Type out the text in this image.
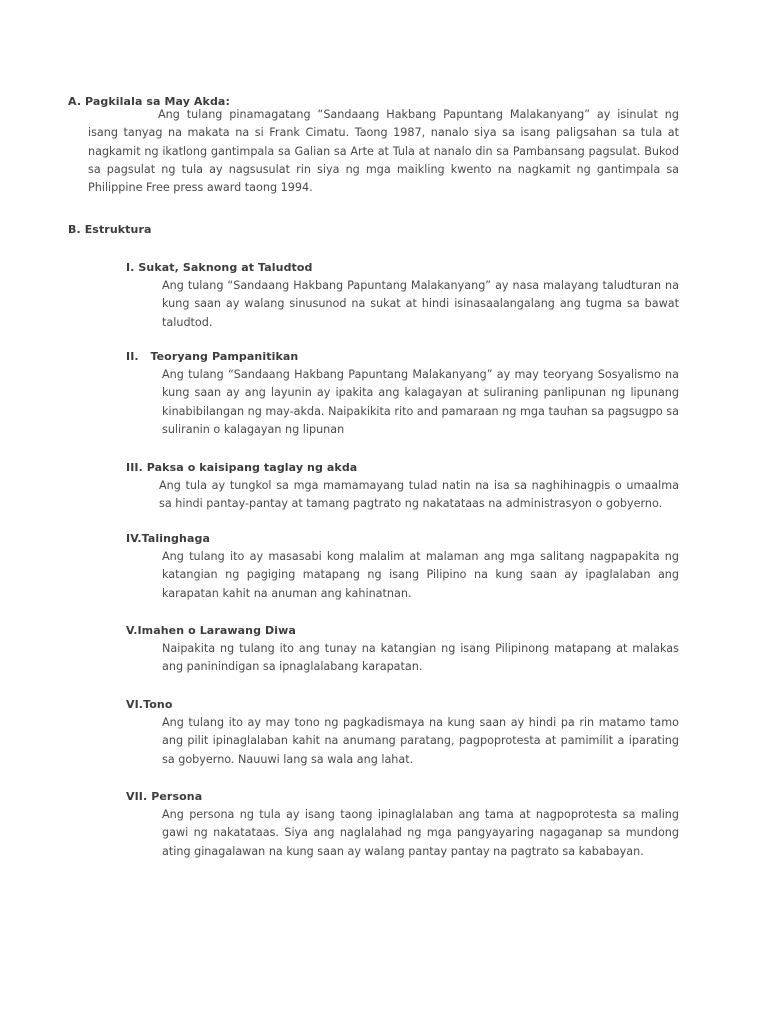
A. Pagkilala sa May Akda:
Ang tulang pinamagatang “Sandaang Hakbang Papuntang Malakanyang” ay isinulat ng isang tanyag na makata na si Frank Cimatu. Taong 1987, nanalo siya sa isang paligsahan sa tula at nagkamit ng ikatlong gantimpala sa Galian sa Arte at Tula at nanalo din sa Pambansang pagsulat. Bukod sa pagsulat ng tula ay nagsusulat rin siya ng mga maikling kwento na nagkamit ng gantimpala sa Philippine Free press award taong 1994.
B. Estruktura
I. Sukat, Saknong at Taludtod
Ang tulang “Sandaang Hakbang Papuntang Malakanyang” ay nasa malayang taludturan na kung saan ay walang sinusunod na sukat at hindi isinasaalangalang ang tugma sa bawat taludtod.
II.   Teoryang Pampanitikan
Ang tulang “Sandaang Hakbang Papuntang Malakanyang” ay may teoryang Sosyalismo na kung saan ay ang layunin ay ipakita ang kalagayan at suliraning panlipunan ng lipunang kinabibilangan ng may-akda. Naipakikita rito and pamaraan ng mga tauhan sa pagsugpo sa suliranin o kalagayan ng lipunan
III. Paksa o kaisipang taglay ng akda
Ang tula ay tungkol sa mga mamamayang tulad natin na isa sa naghihinagpis o umaalma sa hindi pantay-pantay at tamang pagtrato ng nakatataas na administrasyon o gobyerno.
IV.Talinghaga
Ang tulang ito ay masasabi kong malalim at malaman ang mga salitang nagpapakita ng katangian ng pagiging matapang ng isang Pilipino na kung saan ay ipaglalaban ang karapatan kahit na anuman ang kahinatnan.
V.Imahen o Larawang Diwa
Naipakita ng tulang ito ang tunay na katangian ng isang Pilipinong matapang at malakas ang paninindigan sa ipnaglalabang karapatan.
VI.Tono
Ang tulang ito ay may tono ng pagkadismaya na kung saan ay hindi pa rin matamo tamo ang pilit ipinaglalaban kahit na anumang paratang, pagpoprotesta at pamimilit a iparating sa gobyerno. Nauuwi lang sa wala ang lahat.
VII. Persona
Ang persona ng tula ay isang taong ipinaglalaban ang tama at nagpoprotesta sa maling gawi ng nakatataas. Siya ang naglalahad ng mga pangyayaring nagaganap sa mundong ating ginagalawan na kung saan ay walang pantay pantay na pagtrato sa kababayan.
